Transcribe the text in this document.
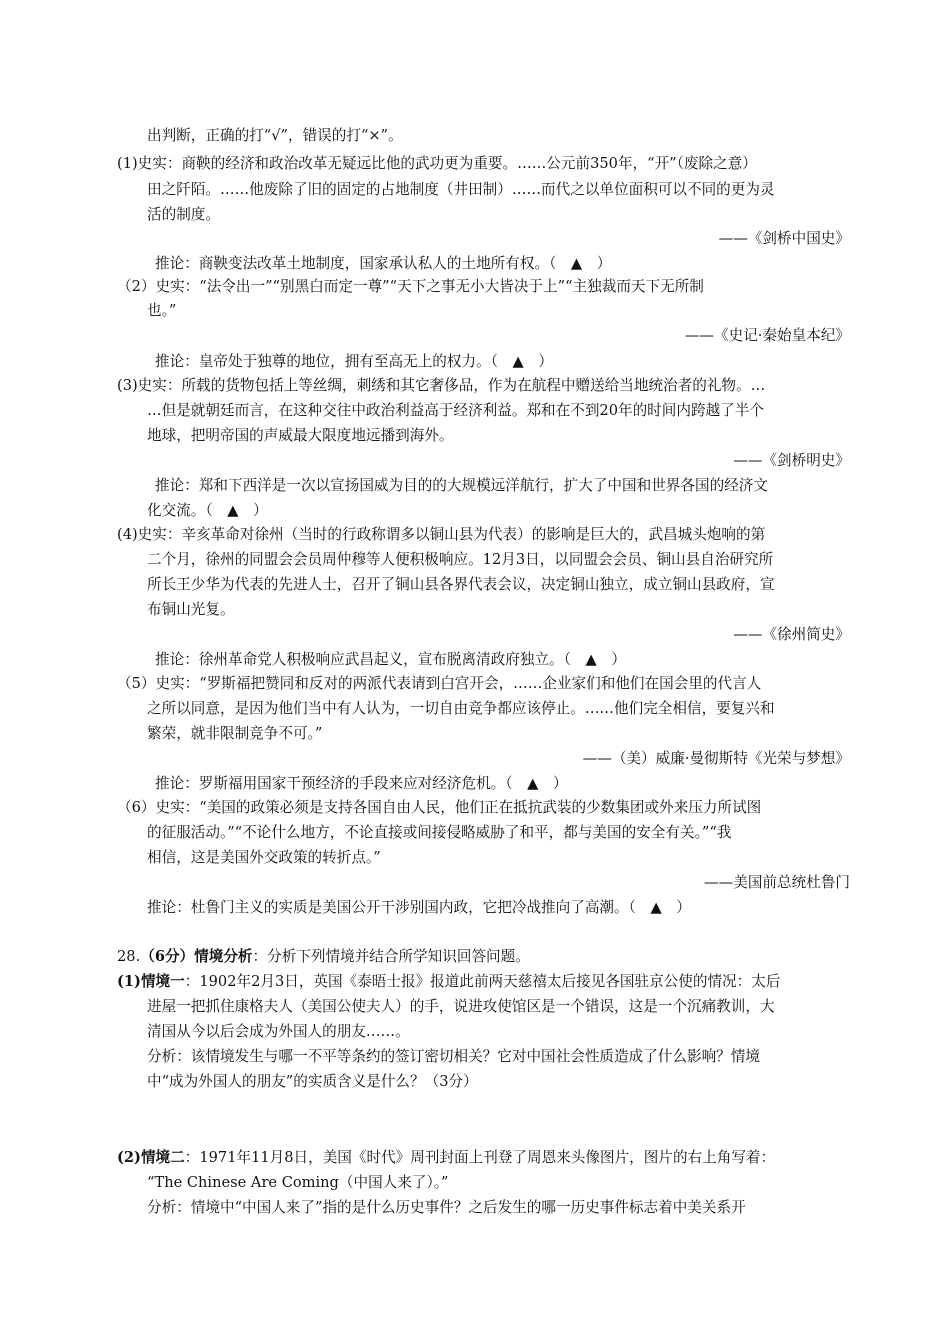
出判断，正确的打“√”，错误的打“×”。
(1)史实：商鞅的经济和政治改革无疑远比他的武功更为重要。……公元前350年，“开”（废除之意）
田之阡陌。……他废除了旧的固定的占地制度（井田制）……而代之以单位面积可以不同的更为灵
活的制度。
——《剑桥中国史》
推论：商鞅变法改革土地制度，国家承认私人的土地所有权。（　▲　）
（2）史实：“法令出一”“别黑白而定一尊”“天下之事无小大皆决于上”“主独裁而天下无所制
也。”
——《史记·秦始皇本纪》
推论：皇帝处于独尊的地位，拥有至高无上的权力。（　▲　）
(3)史实：所载的货物包括上等丝绸，刺绣和其它奢侈品，作为在航程中赠送给当地统治者的礼物。…
…但是就朝廷而言，在这种交往中政治利益高于经济利益。郑和在不到20年的时间内跨越了半个
地球，把明帝国的声威最大限度地远播到海外。
——《剑桥明史》
推论：郑和下西洋是一次以宣扬国威为目的的大规模远洋航行，扩大了中国和世界各国的经济文
化交流。（　▲　）
(4)史实：辛亥革命对徐州（当时的行政称谓多以铜山县为代表）的影响是巨大的，武昌城头炮响的第
二个月，徐州的同盟会会员周仲穆等人便积极响应。12月3日，以同盟会会员、铜山县自治研究所
所长王少华为代表的先进人士，召开了铜山县各界代表会议，决定铜山独立，成立铜山县政府，宣
布铜山光复。
——《徐州简史》
推论：徐州革命党人积极响应武昌起义，宣布脱离清政府独立。（　▲　）
（5）史实：“罗斯福把赞同和反对的两派代表请到白宫开会，……企业家们和他们在国会里的代言人
之所以同意，是因为他们当中有人认为，一切自由竞争都应该停止。……他们完全相信，要复兴和
繁荣，就非限制竞争不可。”
——（美）威廉·曼彻斯特《光荣与梦想》
推论：罗斯福用国家干预经济的手段来应对经济危机。（　▲　）
（6）史实：“美国的政策必须是支持各国自由人民，他们正在抵抗武装的少数集团或外来压力所试图
的征服活动。”“不论什么地方，不论直接或间接侵略威胁了和平，都与美国的安全有关。”“我
相信，这是美国外交政策的转折点。”
——美国前总统杜鲁门
推论：杜鲁门主义的实质是美国公开干涉别国内政，它把冷战推向了高潮。（　▲　）
28.（6分）情境分析：分析下列情境并结合所学知识回答问题。
(1)情境一：1902年2月3日，英国《泰晤士报》报道此前两天慈禧太后接见各国驻京公使的情况：太后
进屋一把抓住康格夫人（美国公使夫人）的手，说进攻使馆区是一个错误，这是一个沉痛教训，大
清国从今以后会成为外国人的朋友……。
分析：该情境发生与哪一不平等条约的签订密切相关？它对中国社会性质造成了什么影响？情境
中“成为外国人的朋友”的实质含义是什么？（3分）
(2)情境二：1971年11月8日，美国《时代》周刊封面上刊登了周恩来头像图片，图片的右上角写着：
“The Chinese Are Coming（中国人来了）。”
分析：情境中“中国人来了”指的是什么历史事件？之后发生的哪一历史事件标志着中美关系开
